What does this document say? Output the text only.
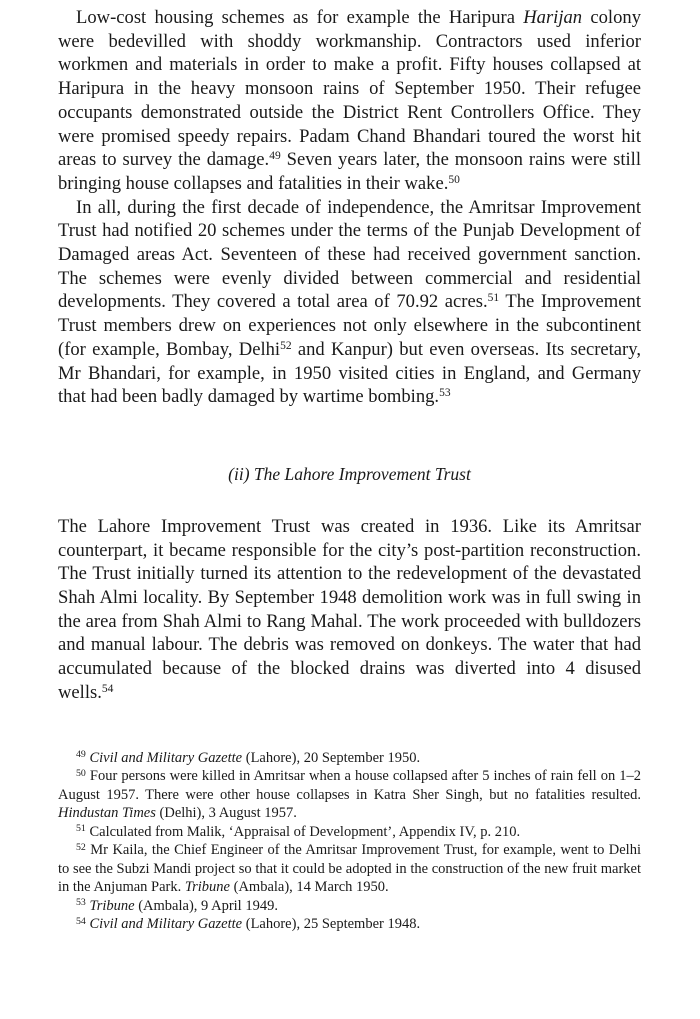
Low-cost housing schemes as for example the Haripura Harijan colony were bedevilled with shoddy workmanship. Contractors used inferior workmen and materials in order to make a profit. Fifty houses collapsed at Haripura in the heavy monsoon rains of September 1950. Their refugee occupants demonstrated outside the District Rent Controllers Office. They were promised speedy repairs. Padam Chand Bhandari toured the worst hit areas to survey the damage.$^{49}$ Seven years later, the monsoon rains were still bringing house collapses and fatalities in their wake.$^{50}$

In all, during the first decade of independence, the Amritsar Improvement Trust had notified 20 schemes under the terms of the Punjab Development of Damaged areas Act. Seventeen of these had received government sanction. The schemes were evenly divided between commercial and residential developments. They covered a total area of 70.92 acres.$^{51}$ The Improvement Trust members drew on experiences not only elsewhere in the subcontinent (for example, Bombay, Delhi$^{52}$ and Kanpur) but even overseas. Its secretary, Mr Bhandari, for example, in 1950 visited cities in England, and Germany that had been badly damaged by wartime bombing.$^{53}$

(ii) The Lahore Improvement Trust

The Lahore Improvement Trust was created in 1936. Like its Amritsar counterpart, it became responsible for the city’s post-partition reconstruction. The Trust initially turned its attention to the redevelopment of the devastated Shah Almi locality. By September 1948 demolition work was in full swing in the area from Shah Almi to Rang Mahal. The work proceeded with bulldozers and manual labour. The debris was removed on donkeys. The water that had accumulated because of the blocked drains was diverted into 4 disused wells.$^{54}$

$^{49}$ Civil and Military Gazette (Lahore), 20 September 1950.

$^{50}$ Four persons were killed in Amritsar when a house collapsed after 5 inches of rain fell on 1–2 August 1957. There were other house collapses in Katra Sher Singh, but no fatalities resulted. Hindustan Times (Delhi), 3 August 1957.

$^{51}$ Calculated from Malik, ‘Appraisal of Development’, Appendix IV, p. 210.

$^{52}$ Mr Kaila, the Chief Engineer of the Amritsar Improvement Trust, for example, went to Delhi to see the Subzi Mandi project so that it could be adopted in the construction of the new fruit market in the Anjuman Park. Tribune (Ambala), 14 March 1950.

$^{53}$ Tribune (Ambala), 9 April 1949.

$^{54}$ Civil and Military Gazette (Lahore), 25 September 1948.
